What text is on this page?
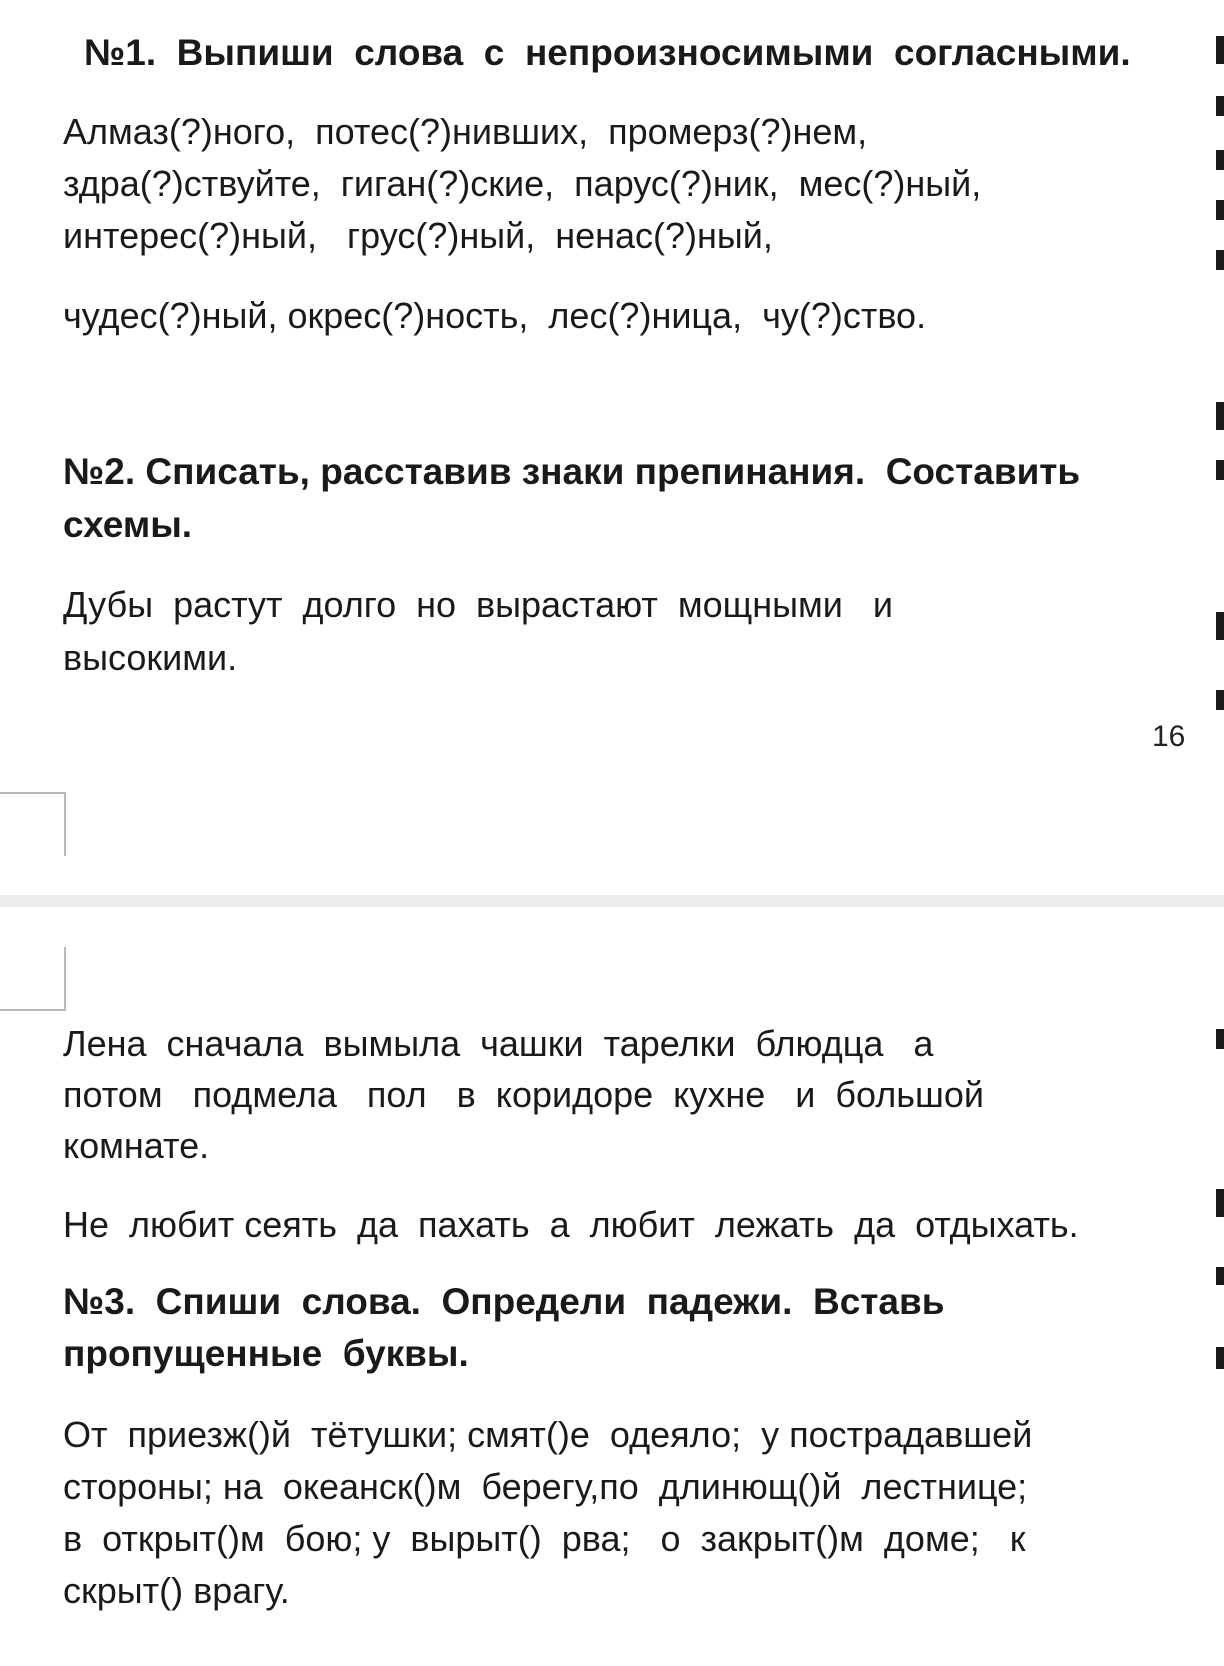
№1.  Выпиши  слова  с  непроизносимыми  согласными.
Алмаз(?)ного,  потес(?)нивших,  промерз(?)нем,
здра(?)ствуйте,  гиган(?)ские,  парус(?)ник,  мес(?)ный,
интерес(?)ный,   грус(?)ный,  ненас(?)ный,
чудес(?)ный, окрес(?)ность,  лес(?)ница,  чу(?)ство.
№2. Списать, расставив знаки препинания.  Составить
схемы.
Дубы  растут  долго  но  вырастают  мощными   и
высокими.
16
Лена  сначала  вымыла  чашки  тарелки  блюдца   а
потом   подмела   пол   в  коридоре  кухне   и  большой
комнате.
Не  любит сеять  да  пахать  а  любит  лежать  да  отдыхать.
№3.  Спиши  слова.  Определи  падежи.  Вставь
пропущенные  буквы.
От  приезж()й  тётушки; смят()е  одеяло;  у пострадавшей
стороны; на  океанск()м  берегу,по  длинющ()й  лестнице;
в  открыт()м  бою; у  вырыт()  рва;   о  закрыт()м  доме;   к
скрыт() врагу.
